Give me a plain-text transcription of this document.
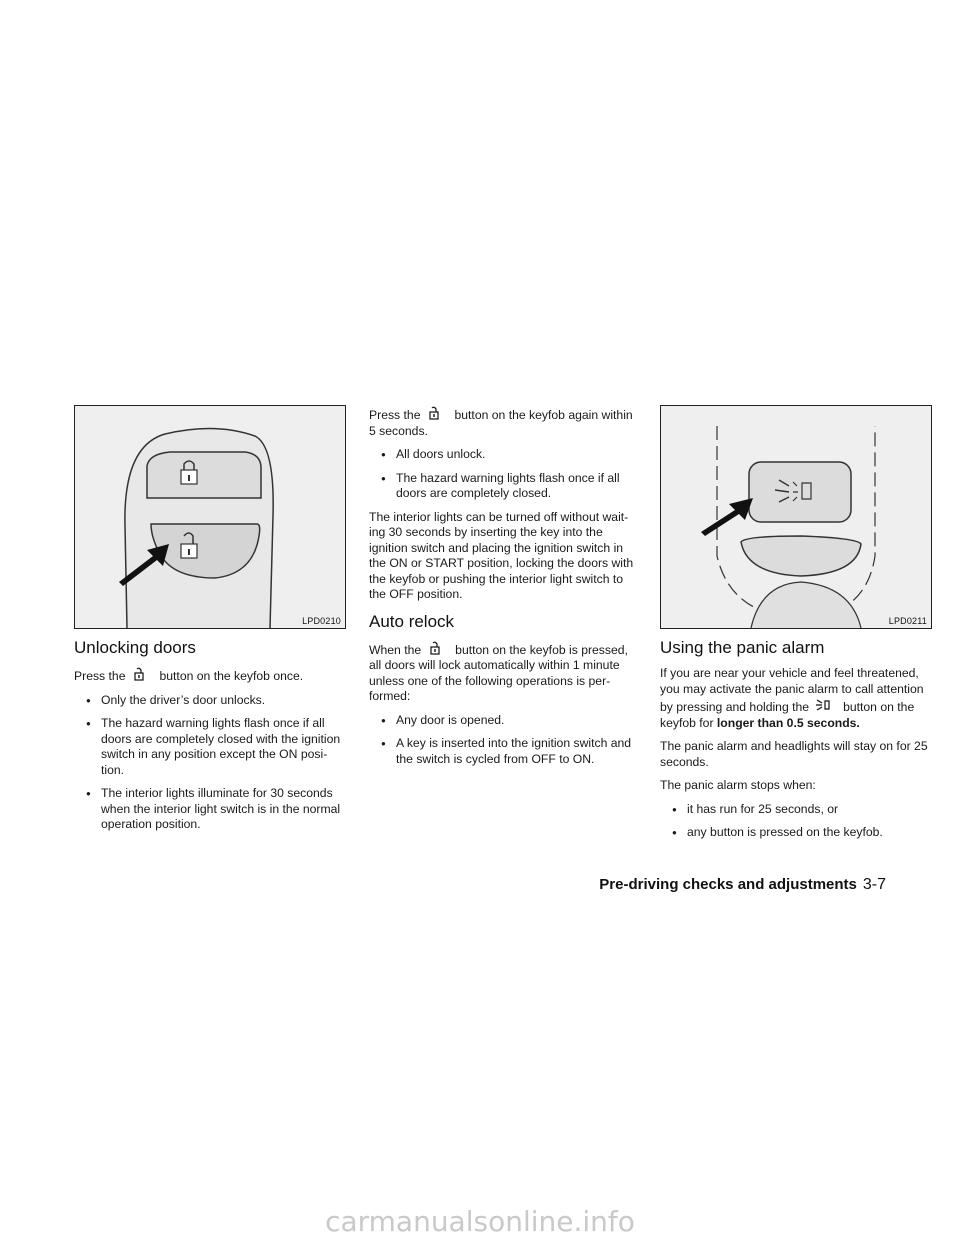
LPD0210
Unlocking doors

Press the	button on the keyfob once.

● Only the driver’s door unlocks.
● The hazard warning lights flash once if all doors are completely closed with the ignition switch in any position except the ON posi- tion.
● The interior lights illuminate for 30 seconds when the interior light switch is in the normal operation position.

Press the	button on the keyfob again within 5 seconds.

● All doors unlock.
● The hazard warning lights flash once if all doors are completely closed.

The interior lights can be turned off without wait- ing 30 seconds by inserting the key into the ignition switch and placing the ignition switch in the ON or START position, locking the doors with the keyfob or pushing the interior light switch to the OFF position.

Auto relock

When the	button on the keyfob is pressed, all doors will lock automatically within 1 minute unless one of the following operations is per- formed:

● Any door is opened.
● A key is inserted into the ignition switch and the switch is cycled from OFF to ON.
LPD0211
Using the panic alarm

If you are near your vehicle and feel threatened, you may activate the panic alarm to call attention by pressing and holding the	button on the keyfob for longer than 0.5 seconds.

The panic alarm and headlights will stay on for 25 seconds.

The panic alarm stops when:

● it has run for 25 seconds, or
● any button is pressed on the keyfob.
Pre-driving checks and adjustments 3-7
carmanualsonline.info
